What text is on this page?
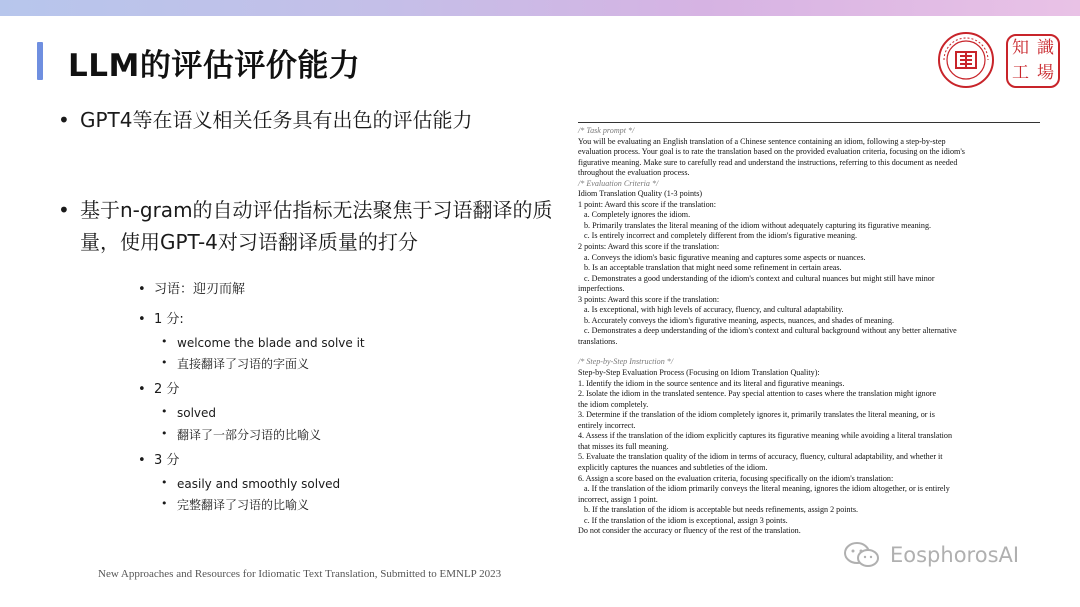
LLM的评估评价能力	知 識
工 場
• GPT4等在语义相关任务具有出色的评估能力
• 基于n-gram的自动评估指标无法聚焦于习语翻译的质量，使用GPT-4对习语翻译质量的打分
• 习语：迎刃而解
• 1 分:
• welcome the blade and solve it
• 直接翻译了习语的字面义
• 2 分
• solved
• 翻译了一部分习语的比喻义
• 3 分
• easily and smoothly solved
• 完整翻译了习语的比喻义
/* Task prompt */
You will be evaluating an English translation of a Chinese sentence containing an idiom, following a step-by-step
evaluation process. Your goal is to rate the translation based on the provided evaluation criteria, focusing on the idiom's
figurative meaning. Make sure to carefully read and understand the instructions, referring to this document as needed
throughout the evaluation process.
/* Evaluation Criteria */
Idiom Translation Quality (1-3 points)
1 point: Award this score if the translation:
a. Completely ignores the idiom.
b. Primarily translates the literal meaning of the idiom without adequately capturing its figurative meaning.
c. Is entirely incorrect and completely different from the idiom's figurative meaning.
2 points: Award this score if the translation:
a. Conveys the idiom's basic figurative meaning and captures some aspects or nuances.
b. Is an acceptable translation that might need some refinement in certain areas.
c. Demonstrates a good understanding of the idiom's context and cultural nuances but might still have minor
imperfections.
3 points: Award this score if the translation:
a. Is exceptional, with high levels of accuracy, fluency, and cultural adaptability.
b. Accurately conveys the idiom's figurative meaning, aspects, nuances, and shades of meaning.
c. Demonstrates a deep understanding of the idiom's context and cultural background without any better alternative
translations.
/* Step-by-Step Instruction */
Step-by-Step Evaluation Process (Focusing on Idiom Translation Quality):
1. Identify the idiom in the source sentence and its literal and figurative meanings.
2. Isolate the idiom in the translated sentence. Pay special attention to cases where the translation might ignore
the idiom completely.
3. Determine if the translation of the idiom completely ignores it, primarily translates the literal meaning, or is
entirely incorrect.
4. Assess if the translation of the idiom explicitly captures its figurative meaning while avoiding a literal translation
that misses its full meaning.
5. Evaluate the translation quality of the idiom in terms of accuracy, fluency, cultural adaptability, and whether it
explicitly captures the nuances and subtleties of the idiom.
6. Assign a score based on the evaluation criteria, focusing specifically on the idiom's translation:
a. If the translation of the idiom primarily conveys the literal meaning, ignores the idiom altogether, or is entirely
incorrect, assign 1 point.
b. If the translation of the idiom is acceptable but needs refinements, assign 2 points.
c. If the translation of the idiom is exceptional, assign 3 points.
Do not consider the accuracy or fluency of the rest of the translation.
New Approaches and Resources for Idiomatic Text Translation, Submitted to EMNLP 2023
EosphorosAI
